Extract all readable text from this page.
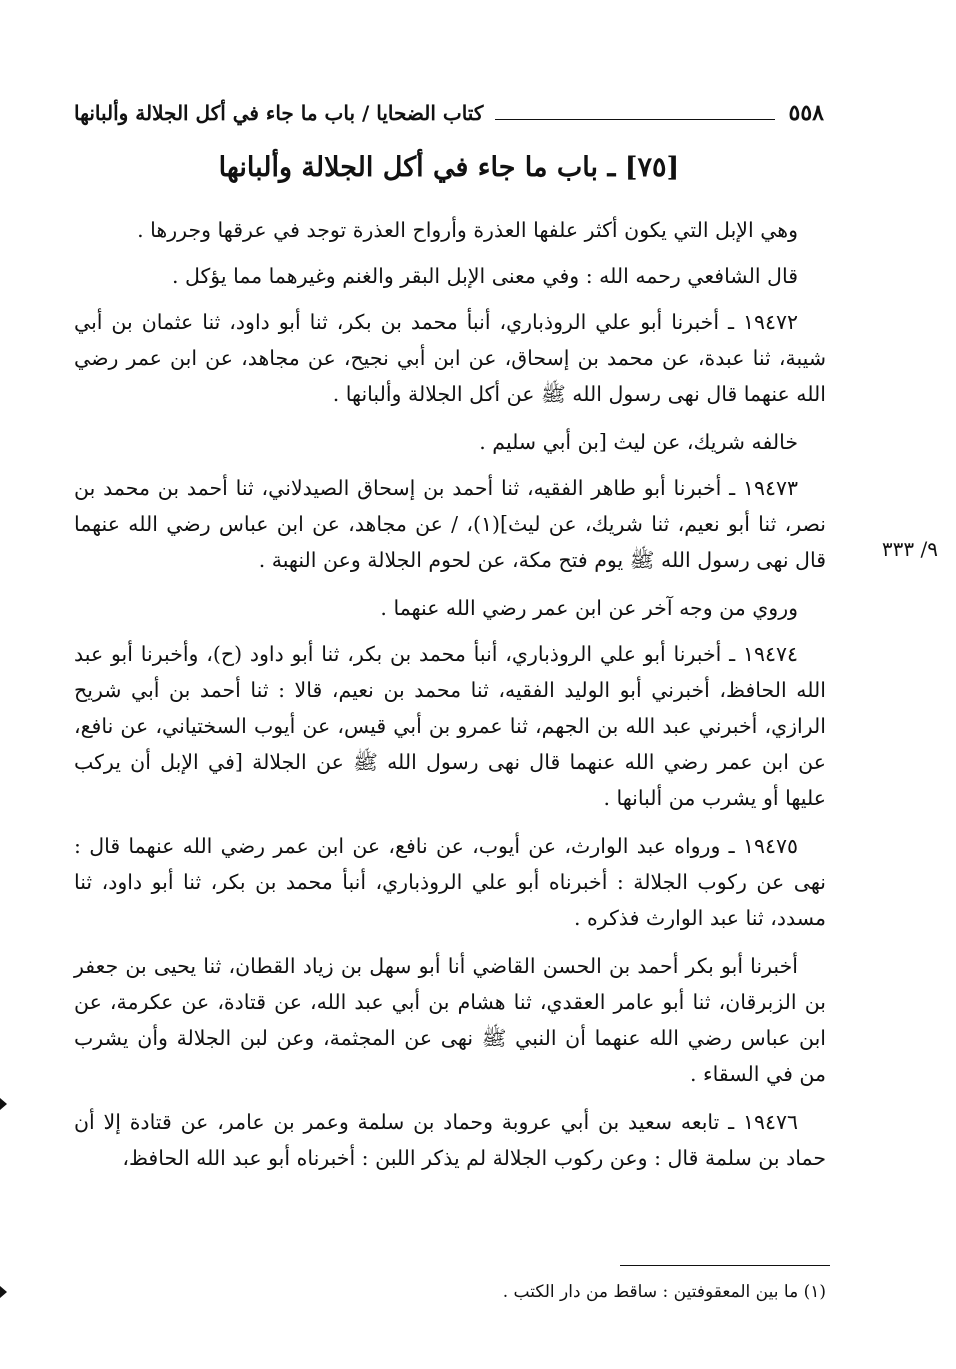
٥٥٨
كتاب الضحايا / باب ما جاء في أكل الجلالة وألبانها
[٧٥] ـ باب ما جاء في أكل الجلالة وألبانها

وهي الإبل التي يكون أكثر علفها العذرة وأرواح العذرة توجد في عرقها وجررها .

قال الشافعي رحمه الله : وفي معنى الإبل البقر والغنم وغيرهما مما يؤكل .

١٩٤٧٢ ـ أخبرنا أبو علي الروذباري، أنبأ محمد بن بكر، ثنا أبو داود، ثنا عثمان بن أبي شيبة، ثنا عبدة، عن محمد بن إسحاق، عن ابن أبي نجيح، عن مجاهد، عن ابن عمر رضي الله عنهما قال نهى رسول الله ﷺ عن أكل الجلالة وألبانها .

خالفه شريك، عن ليث [بن أبي سليم .

١٩٤٧٣ ـ أخبرنا أبو طاهر الفقيه، ثنا أحمد بن إسحاق الصيدلاني، ثنا أحمد بن محمد بن نصر، ثنا أبو نعيم، ثنا شريك، عن ليث](١)، / عن مجاهد، عن ابن عباس رضي الله عنهما قال نهى رسول الله ﷺ يوم فتح مكة، عن لحوم الجلالة وعن النهبة .

وروي من وجه آخر عن ابن عمر رضي الله عنهما .

١٩٤٧٤ ـ أخبرنا أبو علي الروذباري، أنبأ محمد بن بكر، ثنا أبو داود (ح)، وأخبرنا أبو عبد الله الحافظ، أخبرني أبو الوليد الفقيه، ثنا محمد بن نعيم، قالا : ثنا أحمد بن أبي شريح الرازي، أخبرني عبد الله بن الجهم، ثنا عمرو بن أبي قيس، عن أيوب السختياني، عن نافع، عن ابن عمر رضي الله عنهما قال نهى رسول الله ﷺ عن الجلالة [في الإبل أن يركب عليها أو يشرب من ألبانها .

١٩٤٧٥ ـ ورواه عبد الوارث، عن أيوب، عن نافع، عن ابن عمر رضي الله عنهما قال : نهى عن ركوب الجلالة : أخبرناه أبو علي الروذباري، أنبأ محمد بن بكر، ثنا أبو داود، ثنا مسدد، ثنا عبد الوارث فذكره .

أخبرنا أبو بكر أحمد بن الحسن القاضي أنا أبو سهل بن زياد القطان، ثنا يحيى بن جعفر بن الزبرقان، ثنا أبو عامر العقدي، ثنا هشام بن أبي عبد الله، عن قتادة، عن عكرمة، عن ابن عباس رضي الله عنهما أن النبي ﷺ نهى عن المجثمة، وعن لبن الجلالة وأن يشرب من في السقاء .

١٩٤٧٦ ـ تابعه سعيد بن أبي عروبة وحماد بن سلمة وعمر بن عامر، عن قتادة إلا أن حماد بن سلمة قال : وعن ركوب الجلالة لم يذكر اللبن : أخبرناه أبو عبد الله الحافظ،

٩/ ٣٣٣
(١) ما بين المعقوفتين : ساقط من دار الكتب .
